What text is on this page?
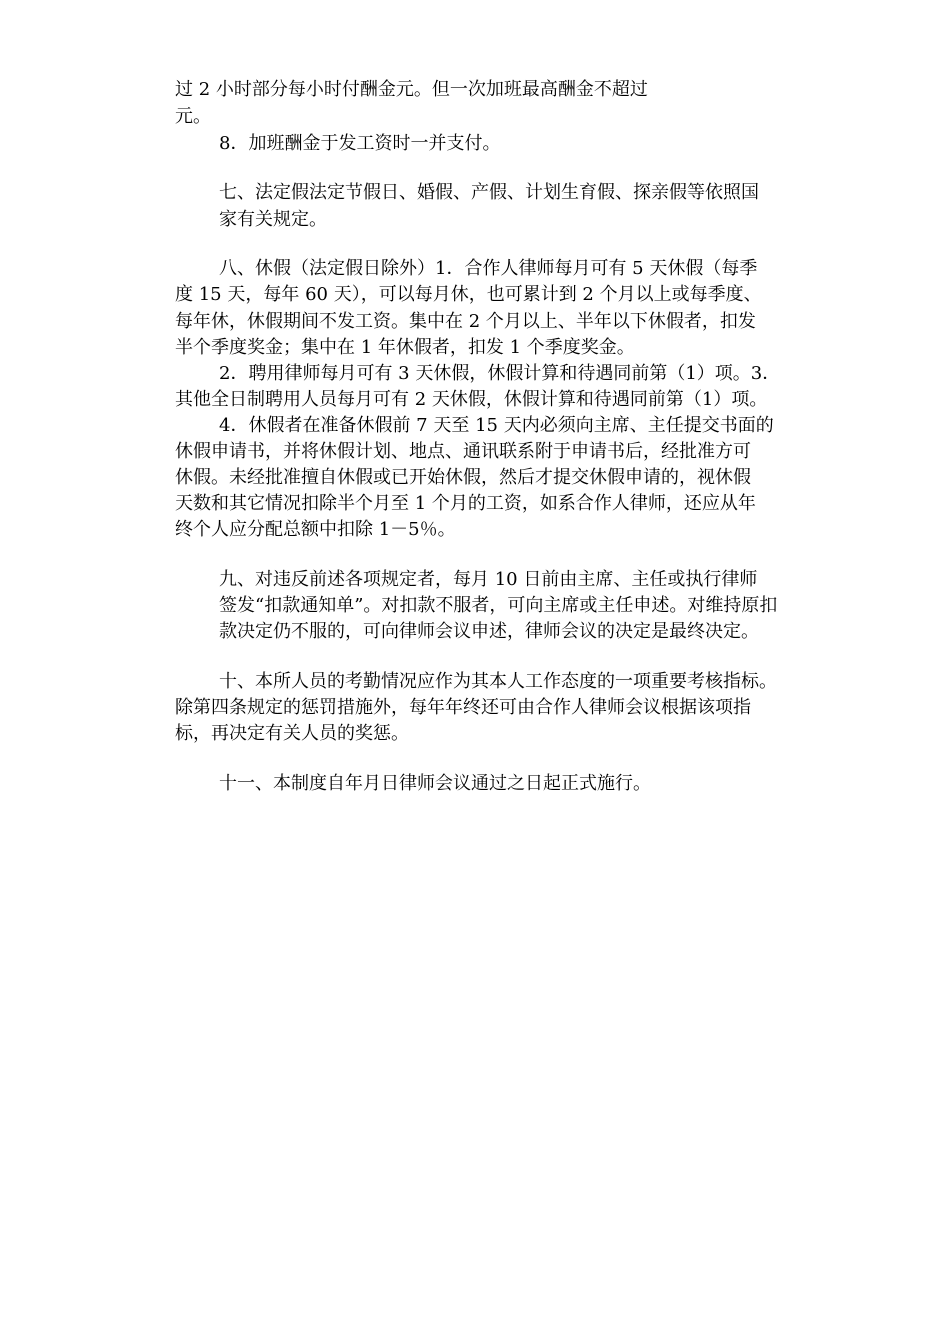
过 2 小时部分每小时付酬金元。但一次加班最高酬金不超过
元。
8．加班酬金于发工资时一并支付。
七、法定假法定节假日、婚假、产假、计划生育假、探亲假等依照国
家有关规定。
八、休假（法定假日除外）1．合作人律师每月可有 5 天休假（每季
度 15 天，每年 60 天），可以每月休，也可累计到 2 个月以上或每季度、
每年休，休假期间不发工资。集中在 2 个月以上、半年以下休假者，扣发
半个季度奖金；集中在 1 年休假者，扣发 1 个季度奖金。
2．聘用律师每月可有 3 天休假，休假计算和待遇同前第（1）项。3．
其他全日制聘用人员每月可有 2 天休假，休假计算和待遇同前第（1）项。
4．休假者在准备休假前 7 天至 15 天内必须向主席、主任提交书面的
休假申请书，并将休假计划、地点、通讯联系附于申请书后，经批准方可
休假。未经批准擅自休假或已开始休假，然后才提交休假申请的，视休假
天数和其它情况扣除半个月至 1 个月的工资，如系合作人律师，还应从年
终个人应分配总额中扣除 1－5％。
九、对违反前述各项规定者，每月 10 日前由主席、主任或执行律师
签发“扣款通知单”。对扣款不服者，可向主席或主任申述。对维持原扣
款决定仍不服的，可向律师会议申述，律师会议的决定是最终决定。
十、本所人员的考勤情况应作为其本人工作态度的一项重要考核指标。
除第四条规定的惩罚措施外，每年年终还可由合作人律师会议根据该项指
标，再决定有关人员的奖惩。
十一、本制度自年月日律师会议通过之日起正式施行。
